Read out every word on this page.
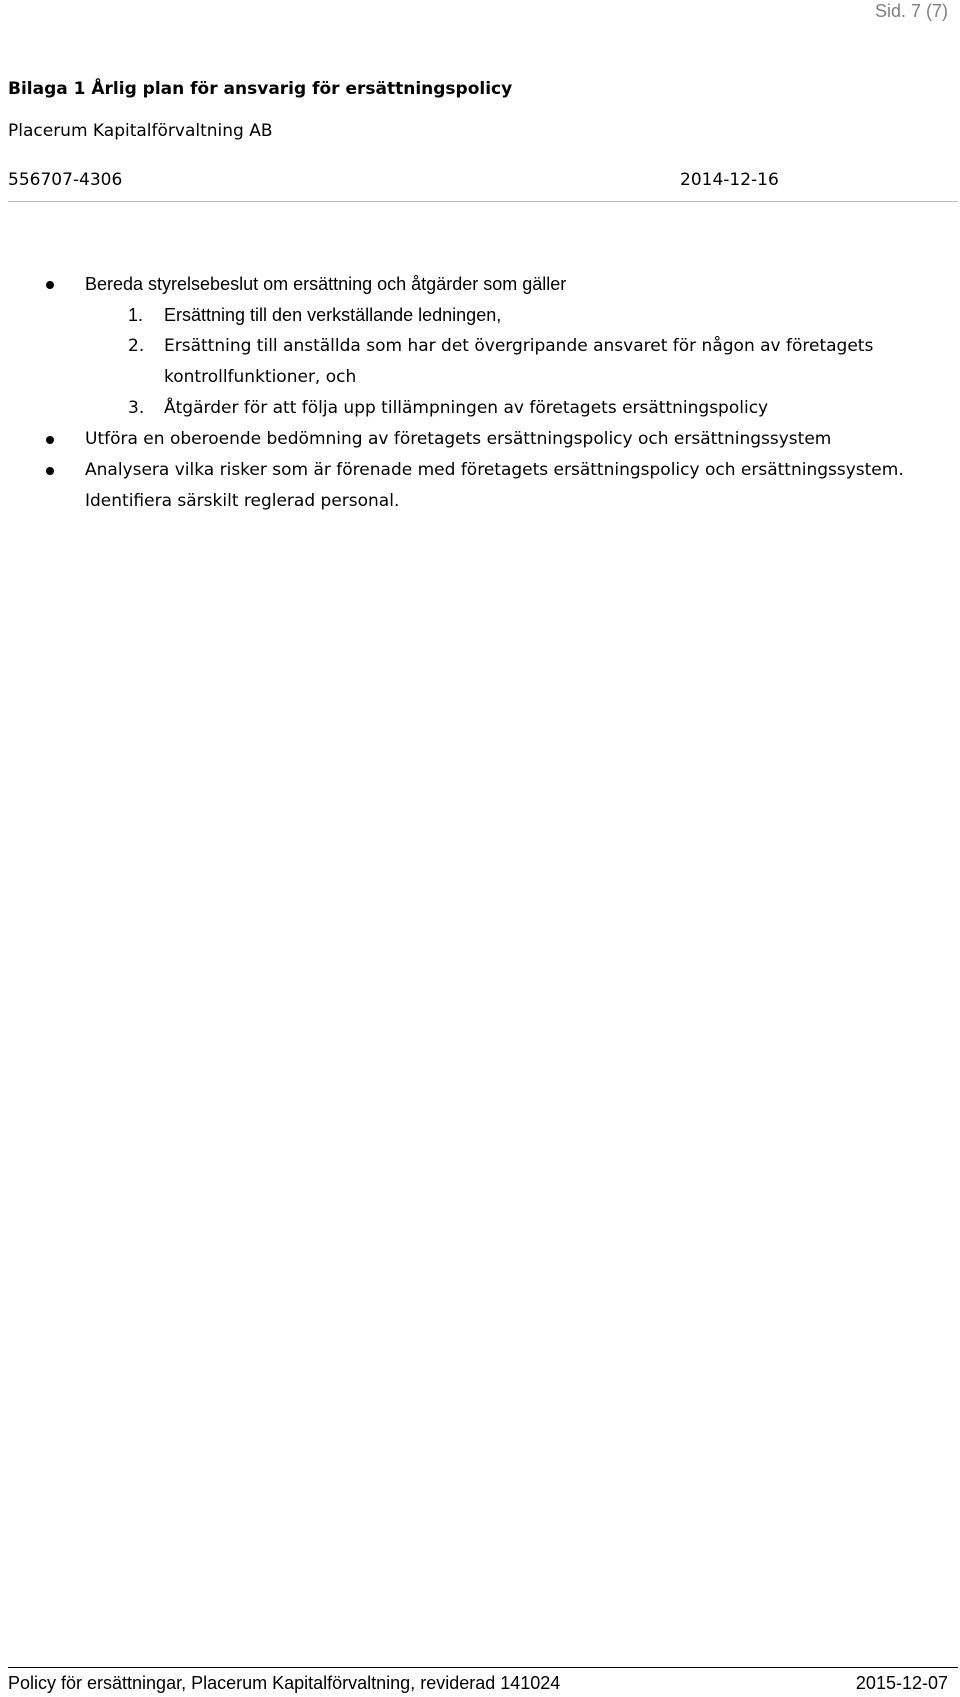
Sid. 7 (7)
Bilaga 1 Årlig plan för ansvarig för ersättningspolicy
Placerum Kapitalförvaltning AB
556707-4306	2014-12-16
Bereda styrelsebeslut om ersättning och åtgärder som gäller
1. Ersättning till den verkställande ledningen,
2. Ersättning till anställda som har det övergripande ansvaret för någon av företagets
kontrollfunktioner, och
3. Åtgärder för att följa upp tillämpningen av företagets ersättningspolicy
Utföra en oberoende bedömning av företagets ersättningspolicy och ersättningssystem
Analysera vilka risker som är förenade med företagets ersättningspolicy och ersättningssystem.
Identifiera särskilt reglerad personal.
Policy för ersättningar, Placerum Kapitalförvaltning, reviderad 141024	2015-12-07
